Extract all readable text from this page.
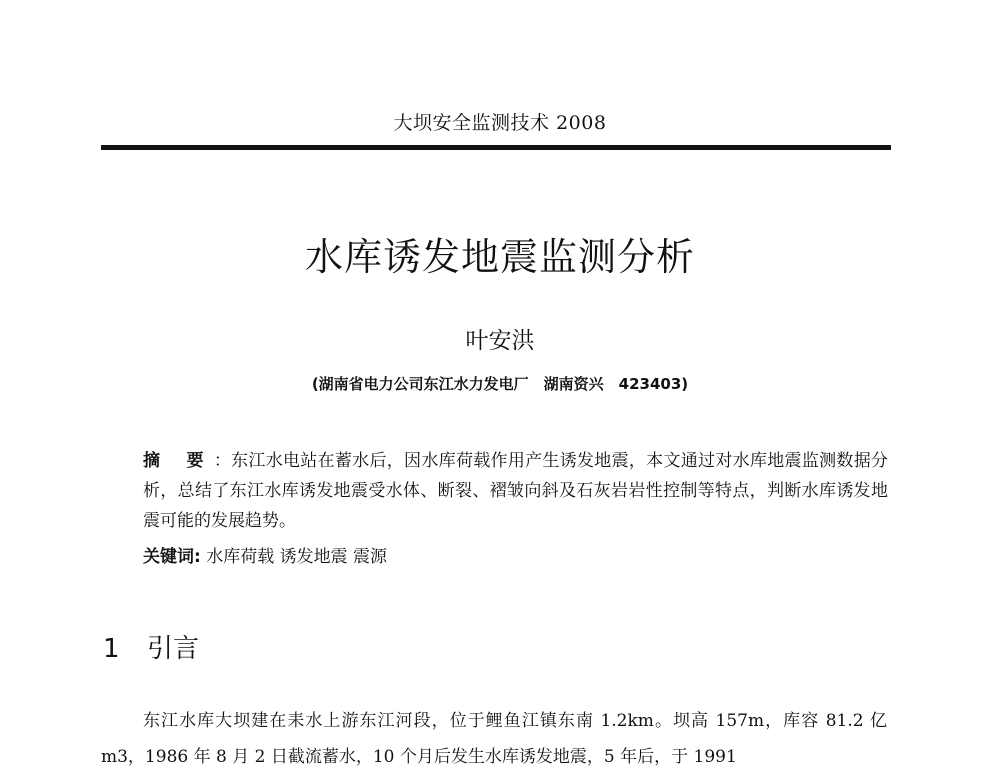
大坝安全监测技术 2008
水库诱发地震监测分析
叶安洪
(湖南省电力公司东江水力发电厂　湖南资兴　423403)
摘 要：东江水电站在蓄水后，因水库荷载作用产生诱发地震，本文通过对水库地震监测数据分析，总结了东江水库诱发地震受水体、断裂、褶皱向斜及石灰岩岩性控制等特点，判断水库诱发地震可能的发展趋势。
关键词: 水库荷载 诱发地震 震源
1 引言
东江水库大坝建在耒水上游东江河段，位于鲤鱼江镇东南 1.2km。坝高 157m，库容 81.2 亿 m3，1986 年 8 月 2 日截流蓄水，10 个月后发生水库诱发地震，5 年后，于 1991
